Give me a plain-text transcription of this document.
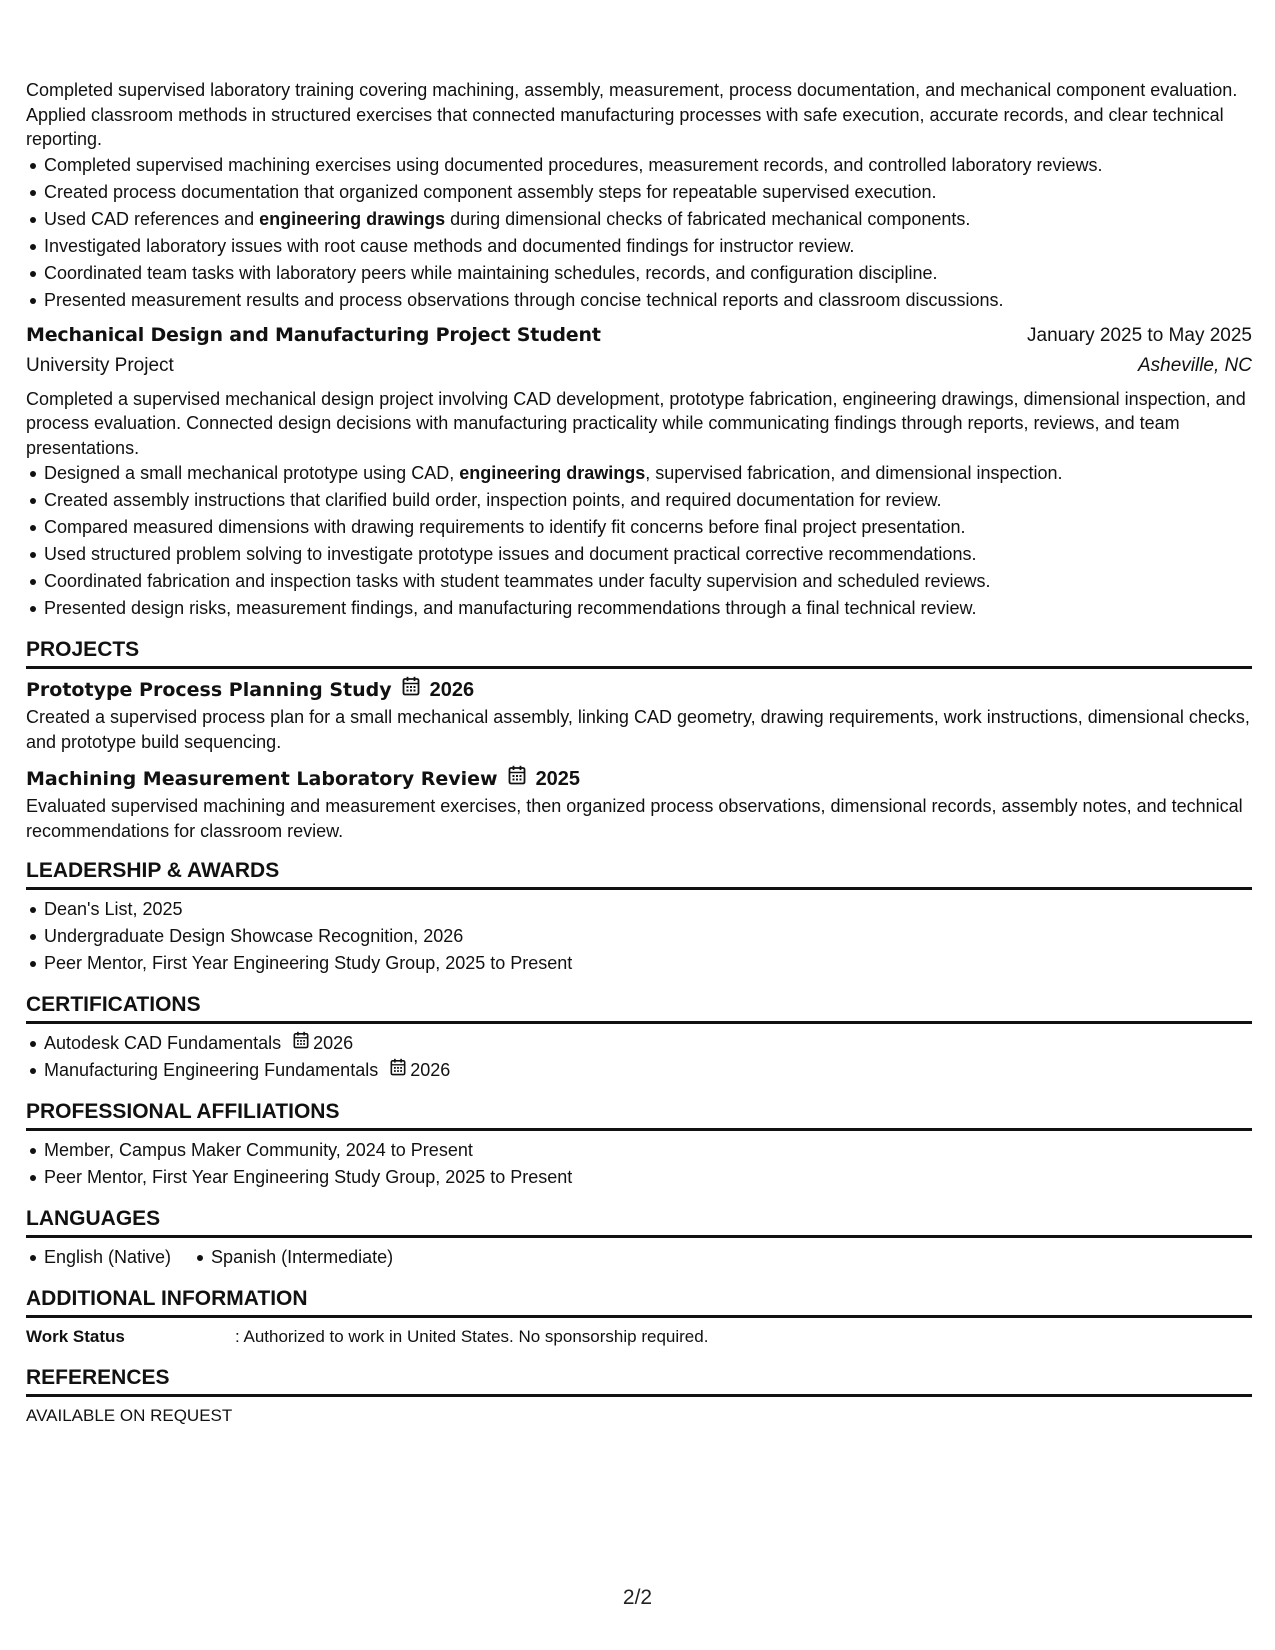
Completed supervised laboratory training covering machining, assembly, measurement, process documentation, and mechanical component evaluation. Applied classroom methods in structured exercises that connected manufacturing processes with safe execution, accurate records, and clear technical reporting.

Completed supervised machining exercises using documented procedures, measurement records, and controlled laboratory reviews.
Created process documentation that organized component assembly steps for repeatable supervised execution.
Used CAD references and engineering drawings during dimensional checks of fabricated mechanical components.
Investigated laboratory issues with root cause methods and documented findings for instructor review.
Coordinated team tasks with laboratory peers while maintaining schedules, records, and configuration discipline.
Presented measurement results and process observations through concise technical reports and classroom discussions.
Mechanical Design and Manufacturing Project Student	January 2025 to May 2025
University Project	Asheville, NC

Completed a supervised mechanical design project involving CAD development, prototype fabrication, engineering drawings, dimensional inspection, and process evaluation. Connected design decisions with manufacturing practicality while communicating findings through reports, reviews, and team presentations.

Designed a small mechanical prototype using CAD, engineering drawings, supervised fabrication, and dimensional inspection.
Created assembly instructions that clarified build order, inspection points, and required documentation for review.
Compared measured dimensions with drawing requirements to identify fit concerns before final project presentation.
Used structured problem solving to investigate prototype issues and document practical corrective recommendations.
Coordinated fabrication and inspection tasks with student teammates under faculty supervision and scheduled reviews.
Presented design risks, measurement findings, and manufacturing recommendations through a final technical review.
PROJECTS
Prototype Process Planning Study 2026

Created a supervised process plan for a small mechanical assembly, linking CAD geometry, drawing requirements, work instructions, dimensional checks, and prototype build sequencing.

Machining Measurement Laboratory Review 2025

Evaluated supervised machining and measurement exercises, then organized process observations, dimensional records, assembly notes, and technical recommendations for classroom review.

LEADERSHIP & AWARDS
Dean's List, 2025
Undergraduate Design Showcase Recognition, 2026
Peer Mentor, First Year Engineering Study Group, 2025 to Present
CERTIFICATIONS
Autodesk CAD Fundamentals 2026
Manufacturing Engineering Fundamentals 2026
PROFESSIONAL AFFILIATIONS
Member, Campus Maker Community, 2024 to Present
Peer Mentor, First Year Engineering Study Group, 2025 to Present
LANGUAGES
English (Native)	Spanish (Intermediate)
ADDITIONAL INFORMATION
Work Status	: Authorized to work in United States. No sponsorship required.
REFERENCES

AVAILABLE ON REQUEST

2/2
